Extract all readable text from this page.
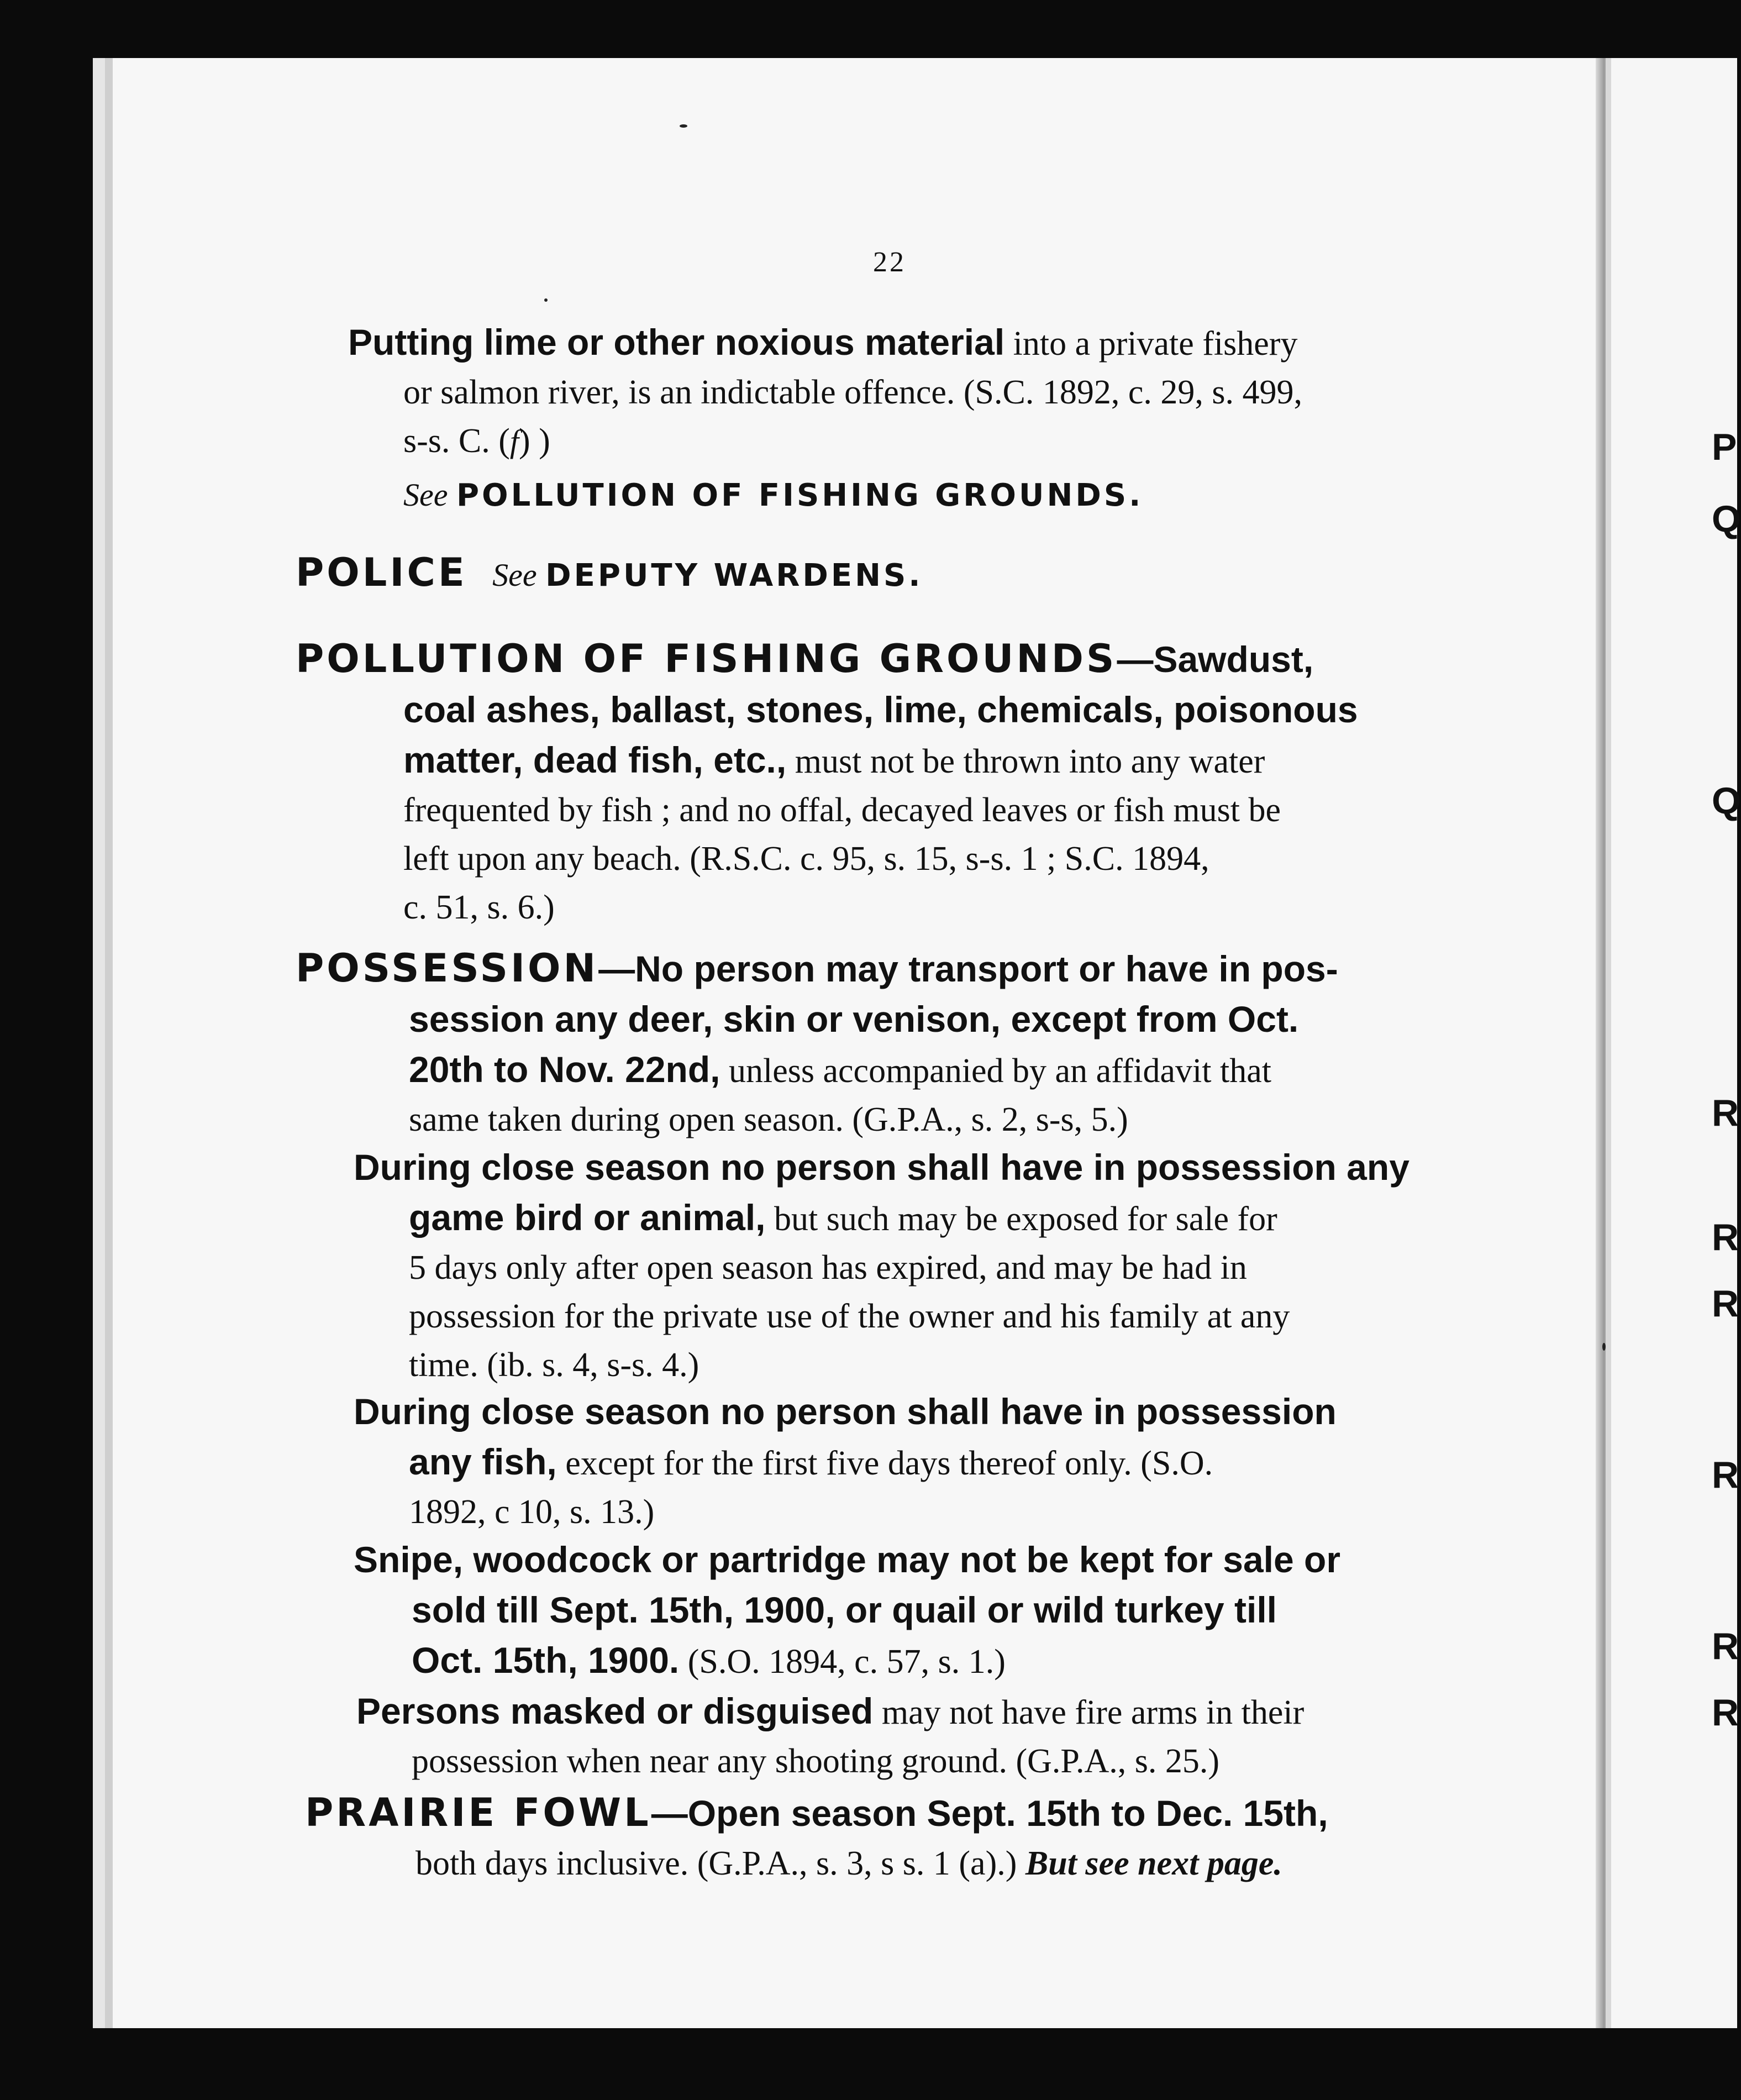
P
Q
Q
R
R
R
R
R
R
22
Putting lime or other noxious material into a private fishery
or salmon river, is an indictable offence. (S.C. 1892, c. 29, s. 499,
s-s. C. (f) )
See POLLUTION OF FISHING GROUNDS.
POLICE See DEPUTY WARDENS.
POLLUTION OF FISHING GROUNDS—Sawdust,
coal ashes, ballast, stones, lime, chemicals, poisonous
matter, dead fish, etc., must not be thrown into any water
frequented by fish ; and no offal, decayed leaves or fish must be
left upon any beach. (R.S.C. c. 95, s. 15, s-s. 1 ; S.C. 1894,
c. 51, s. 6.)
POSSESSION—No person may transport or have in pos-
session any deer, skin or venison, except from Oct.
20th to Nov. 22nd, unless accompanied by an affidavit that
same taken during open season. (G.P.A., s. 2, s-s, 5.)
During close season no person shall have in possession any
game bird or animal, but such may be exposed for sale for
5 days only after open season has expired, and may be had in
possession for the private use of the owner and his family at any
time. (ib. s. 4, s-s. 4.)
During close season no person shall have in possession
any fish, except for the first five days thereof only. (S.O.
1892, c 10, s. 13.)
Snipe, woodcock or partridge may not be kept for sale or
sold till Sept. 15th, 1900, or quail or wild turkey till
Oct. 15th, 1900. (S.O. 1894, c. 57, s. 1.)
Persons masked or disguised may not have fire arms in their
possession when near any shooting ground. (G.P.A., s. 25.)
PRAIRIE FOWL—Open season Sept. 15th to Dec. 15th,
both days inclusive. (G.P.A., s. 3, s s. 1 (a).) But see next page.
